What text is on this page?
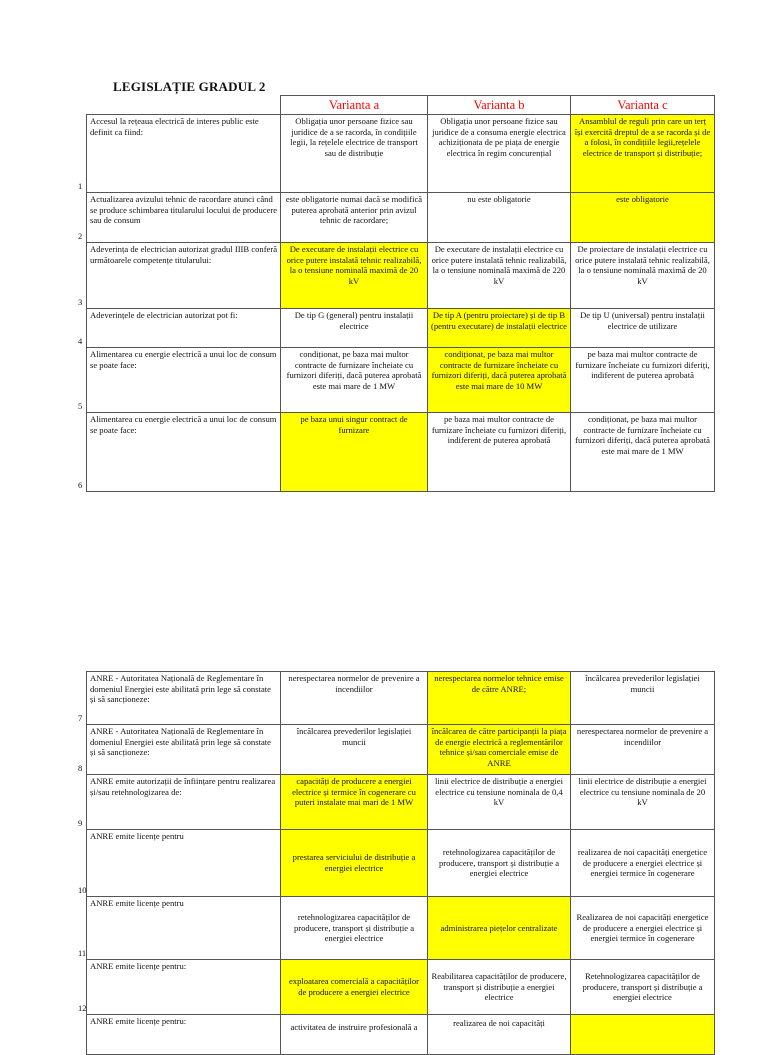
LEGISLAȚIE GRADUL 2
	Varianta a	Varianta b	Varianta c

1
Accesul la rețeaua electrică de interes public este definit ca fiind:	Obligația unor persoane fizice sau juridice de a se racorda, în condițiile legii, la rețelele electrice de transport sau de distribuție	Obligația unor persoane fizice sau juridice de a consuma energie electrica achiziționata de pe piața de energie electrica în regim concurențial	Ansamblul de reguli prin care un terț își exercită dreptul de a se racorda și de a folosi, în condițiile legii,rețelele electrice de transport și distribuție;

2
Actualizarea avizului tehnic de racordare atunci când se produce schimbarea titularului locului de producere sau de consum	este obligatorie numai dacă se modifică puterea aprobată anterior prin avizul tehnic de racordare;	nu este obligatorie	este obligatorie

3
Adeverința de electrician autorizat gradul IIIB conferă următoarele competențe titularului:	De executare de instalații electrice cu orice putere instalată tehnic realizabilă, la o tensiune nominală maximă de 20 kV	De executare de instalații electrice cu orice putere instalată tehnic realizabilă, la o tensiune nominală maximă de 220 kV	De proiectare de instalații electrice cu orice putere instalată tehnic realizabilă, la o tensiune nominală maximă de 20 kV

4
Adeverințele de electrician autorizat pot fi:	De tip G (general) pentru instalații electrice	De tip A (pentru proiectare) și de tip B (pentru executare) de instalații electrice	De tip U (universal) pentru instalații electrice de utilizare

5
Alimentarea cu energie electrică a unui loc de consum se poate face:	condiționat, pe baza mai multor contracte de furnizare încheiate cu furnizori diferiți, dacă puterea aprobată este mai mare de 1 MW	condiționat, pe baza mai multor contracte de furnizare încheiate cu furnizori diferiți, dacă puterea aprobată este mai mare de 10 MW	pe baza mai multor contracte de furnizare încheiate cu furnizori diferiți, indiferent de puterea aprobată

6
Alimentarea cu energie electrică a unui loc de consum se poate face:	pe baza unui singur contract de furnizare	pe baza mai multor contracte de furnizare încheiate cu furnizori diferiți, indiferent de puterea aprobată	condiționat, pe baza mai multor contracte de furnizare încheiate cu furnizori diferiți, dacă puterea aprobată este mai mare de 1 MW
7
ANRE - Autoritatea Națională de Reglementare în domeniul Energiei este abilitată prin lege să constate și să sancționeze:	nerespectarea normelor de prevenire a incendiilor	nerespectarea normelor tehnice emise de către ANRE;	încălcarea prevederilor legislației muncii

8
ANRE - Autoritatea Națională de Reglementare în domeniul Energiei este abilitată prin lege să constate și să sancționeze:	încălcarea prevederilor legislației muncii	încălcarea de către participanții la piața de energie electrică a reglementărilor tehnice și/sau comerciale emise de ANRE	nerespectarea normelor de prevenire a incendiilor

9
ANRE emite autorizații de înființare pentru realizarea și/sau retehnologizarea de:	capacități de producere a energiei electrice și termice în cogenerare cu puteri instalate mai mari de 1 MW	linii electrice de distribuție a energiei electrice cu tensiune nominala de 0,4 kV	linii electrice de distribuție a energiei electrice cu tensiune nominala de 20 kV

10
ANRE emite licențe pentru	prestarea serviciului de distribuție a energiei electrice	retehnologizarea capacităților de producere, transport și distribuție a energiei electrice	realizarea de noi capacități energetice de producere a energiei electrice și energiei termice în cogenerare

11
ANRE emite licențe pentru	retehnologizarea capacităților de producere, transport și distribuție a energiei electrice	administrarea piețelor centralizate	Realizarea de noi capacități energetice de producere a energiei electrice și energiei termice în cogenerare

12
ANRE emite licențe pentru:	exploatarea comercială a capacităților de producere a energiei electrice	Reabilitarea capacităților de producere, transport și distribuție a energiei electrice	Retehnologizarea capacităților de producere, transport și distribuție a energiei electrice
ANRE emite licențe pentru:	activitatea de instruire profesională a	realizarea de noi capacități	
